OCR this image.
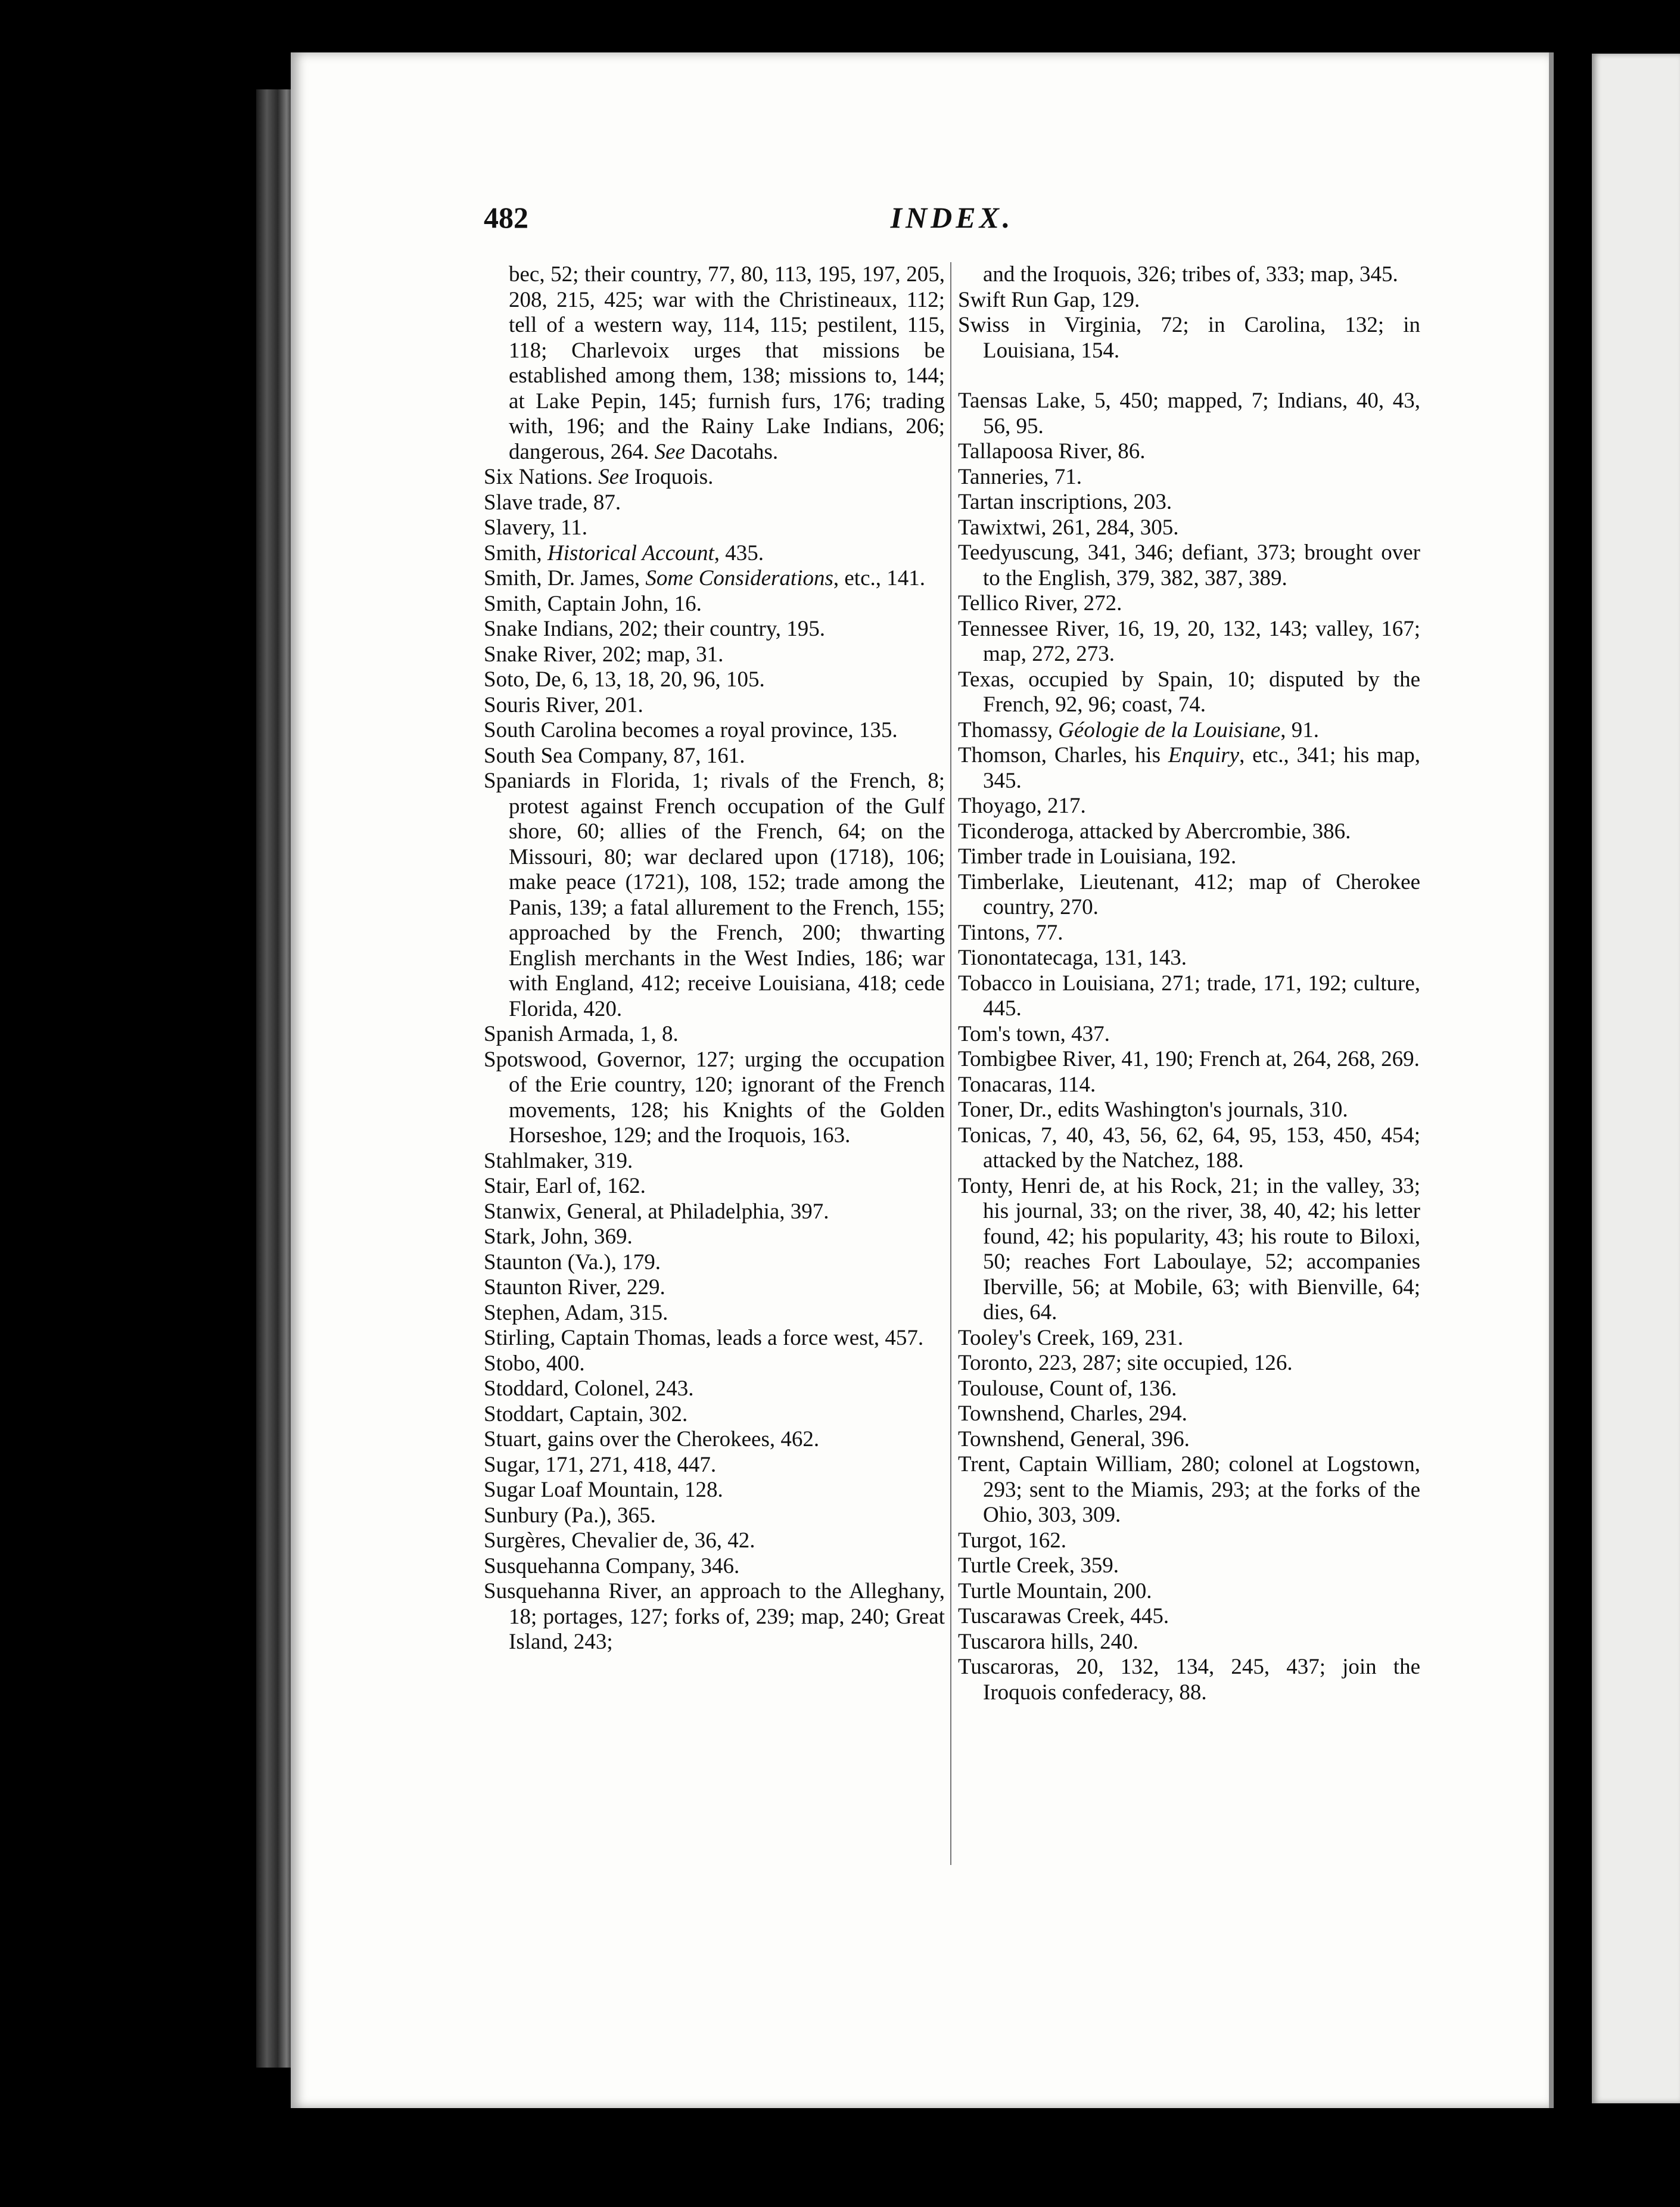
482	INDEX.
bec, 52; their country, 77, 80, 113, 195, 197, 205, 208, 215, 425; war with the Christineaux, 112; tell of a western way, 114, 115; pestilent, 115, 118; Charlevoix urges that missions be established among them, 138; missions to, 144; at Lake Pepin, 145; furnish furs, 176; trading with, 196; and the Rainy Lake Indians, 206; dangerous, 264. See Dacotahs.
Six Nations. See Iroquois.
Slave trade, 87.
Slavery, 11.
Smith, Historical Account, 435.
Smith, Dr. James, Some Considerations, etc., 141.
Smith, Captain John, 16.
Snake Indians, 202; their country, 195.
Snake River, 202; map, 31.
Soto, De, 6, 13, 18, 20, 96, 105.
Souris River, 201.
South Carolina becomes a royal province, 135.
South Sea Company, 87, 161.
Spaniards in Florida, 1; rivals of the French, 8; protest against French occupation of the Gulf shore, 60; allies of the French, 64; on the Missouri, 80; war declared upon (1718), 106; make peace (1721), 108, 152; trade among the Panis, 139; a fatal allurement to the French, 155; approached by the French, 200; thwarting English merchants in the West Indies, 186; war with England, 412; receive Louisiana, 418; cede Florida, 420.
Spanish Armada, 1, 8.
Spotswood, Governor, 127; urging the occupation of the Erie country, 120; ignorant of the French movements, 128; his Knights of the Golden Horseshoe, 129; and the Iroquois, 163.
Stahlmaker, 319.
Stair, Earl of, 162.
Stanwix, General, at Philadelphia, 397.
Stark, John, 369.
Staunton (Va.), 179.
Staunton River, 229.
Stephen, Adam, 315.
Stirling, Captain Thomas, leads a force west, 457.
Stobo, 400.
Stoddard, Colonel, 243.
Stoddart, Captain, 302.
Stuart, gains over the Cherokees, 462.
Sugar, 171, 271, 418, 447.
Sugar Loaf Mountain, 128.
Sunbury (Pa.), 365.
Surgères, Chevalier de, 36, 42.
Susquehanna Company, 346.
Susquehanna River, an approach to the Alleghany, 18; portages, 127; forks of, 239; map, 240; Great Island, 243;
and the Iroquois, 326; tribes of, 333; map, 345.
Swift Run Gap, 129.
Swiss in Virginia, 72; in Carolina, 132; in Louisiana, 154.
Taensas Lake, 5, 450; mapped, 7; Indians, 40, 43, 56, 95.
Tallapoosa River, 86.
Tanneries, 71.
Tartan inscriptions, 203.
Tawixtwi, 261, 284, 305.
Teedyuscung, 341, 346; defiant, 373; brought over to the English, 379, 382, 387, 389.
Tellico River, 272.
Tennessee River, 16, 19, 20, 132, 143; valley, 167; map, 272, 273.
Texas, occupied by Spain, 10; disputed by the French, 92, 96; coast, 74.
Thomassy, Géologie de la Louisiane, 91.
Thomson, Charles, his Enquiry, etc., 341; his map, 345.
Thoyago, 217.
Ticonderoga, attacked by Abercrombie, 386.
Timber trade in Louisiana, 192.
Timberlake, Lieutenant, 412; map of Cherokee country, 270.
Tintons, 77.
Tionontatecaga, 131, 143.
Tobacco in Louisiana, 271; trade, 171, 192; culture, 445.
Tom's town, 437.
Tombigbee River, 41, 190; French at, 264, 268, 269.
Tonacaras, 114.
Toner, Dr., edits Washington's journals, 310.
Tonicas, 7, 40, 43, 56, 62, 64, 95, 153, 450, 454; attacked by the Natchez, 188.
Tonty, Henri de, at his Rock, 21; in the valley, 33; his journal, 33; on the river, 38, 40, 42; his letter found, 42; his popularity, 43; his route to Biloxi, 50; reaches Fort Laboulaye, 52; accompanies Iberville, 56; at Mobile, 63; with Bienville, 64; dies, 64.
Tooley's Creek, 169, 231.
Toronto, 223, 287; site occupied, 126.
Toulouse, Count of, 136.
Townshend, Charles, 294.
Townshend, General, 396.
Trent, Captain William, 280; colonel at Logstown, 293; sent to the Miamis, 293; at the forks of the Ohio, 303, 309.
Turgot, 162.
Turtle Creek, 359.
Turtle Mountain, 200.
Tuscarawas Creek, 445.
Tuscarora hills, 240.
Tuscaroras, 20, 132, 134, 245, 437; join the Iroquois confederacy, 88.
